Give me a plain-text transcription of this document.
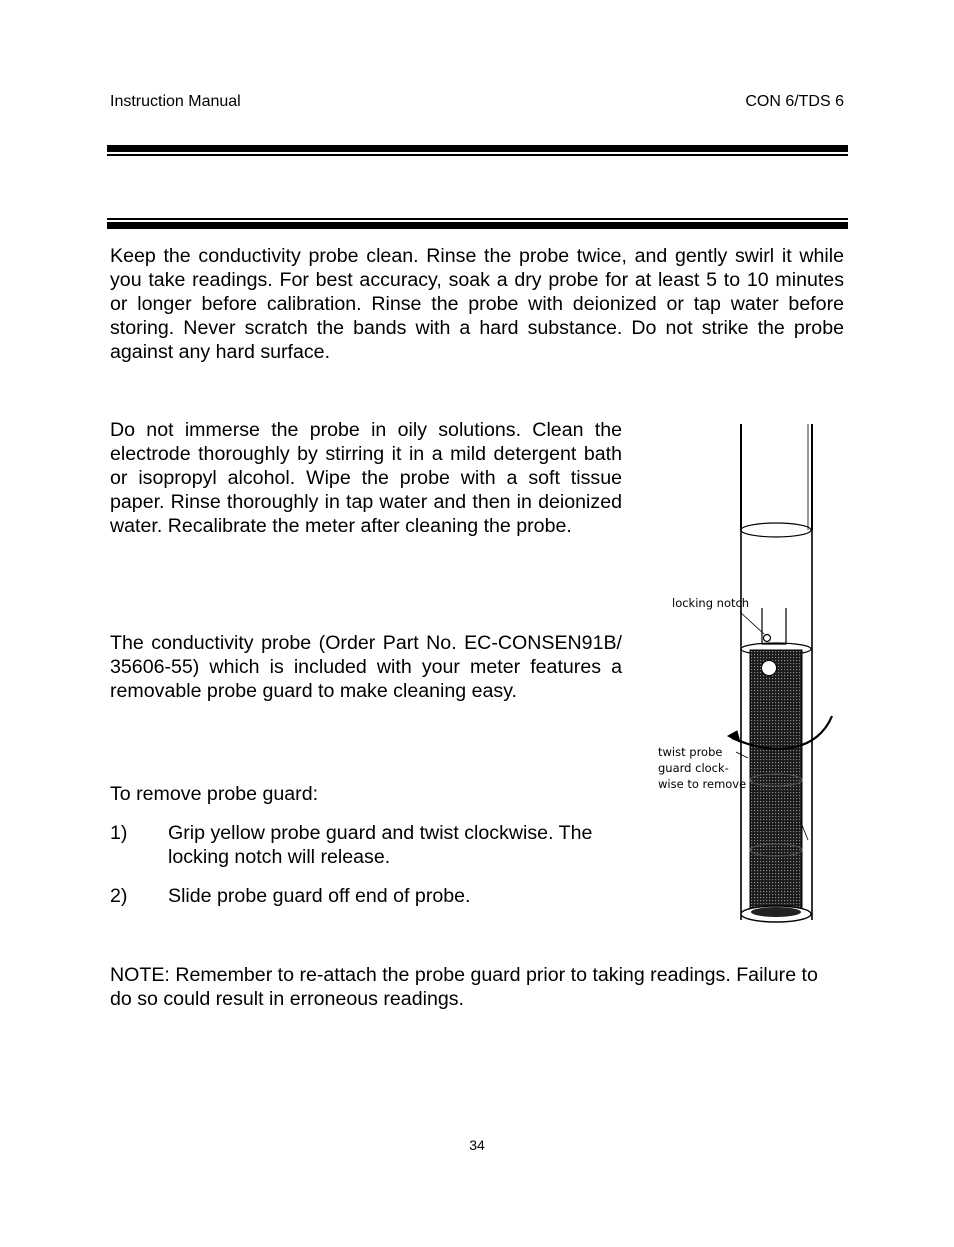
Instruction Manual	CON 6/TDS 6

Keep the conductivity probe clean. Rinse the probe twice, and gently swirl it while you take readings. For best accuracy, soak a dry probe for at least 5 to 10 minutes or longer before calibration. Rinse the probe with deionized or tap water before storing. Never scratch the bands with a hard substance. Do not strike the probe against any hard surface.

Do not immerse the probe in oily solutions. Clean the electrode thoroughly by stirring it in a mild detergent bath or isopropyl alcohol. Wipe the probe with a soft tissue paper. Rinse thoroughly in tap water and then in deionized water. Recalibrate the meter after cleaning the probe.

The conductivity probe (Order Part No. EC-CONSEN91B/ 35606-55) which is included with your meter features a removable probe guard to make cleaning easy.

To remove probe guard:

1) Grip yellow probe guard and twist clockwise. The locking notch will release.
2) Slide probe guard off end of probe.

NOTE: Remember to re-attach the probe guard prior to taking readings. Failure to do so could result in erroneous readings.

locking notch
twist probe
guard clock-
wise to remove
34
